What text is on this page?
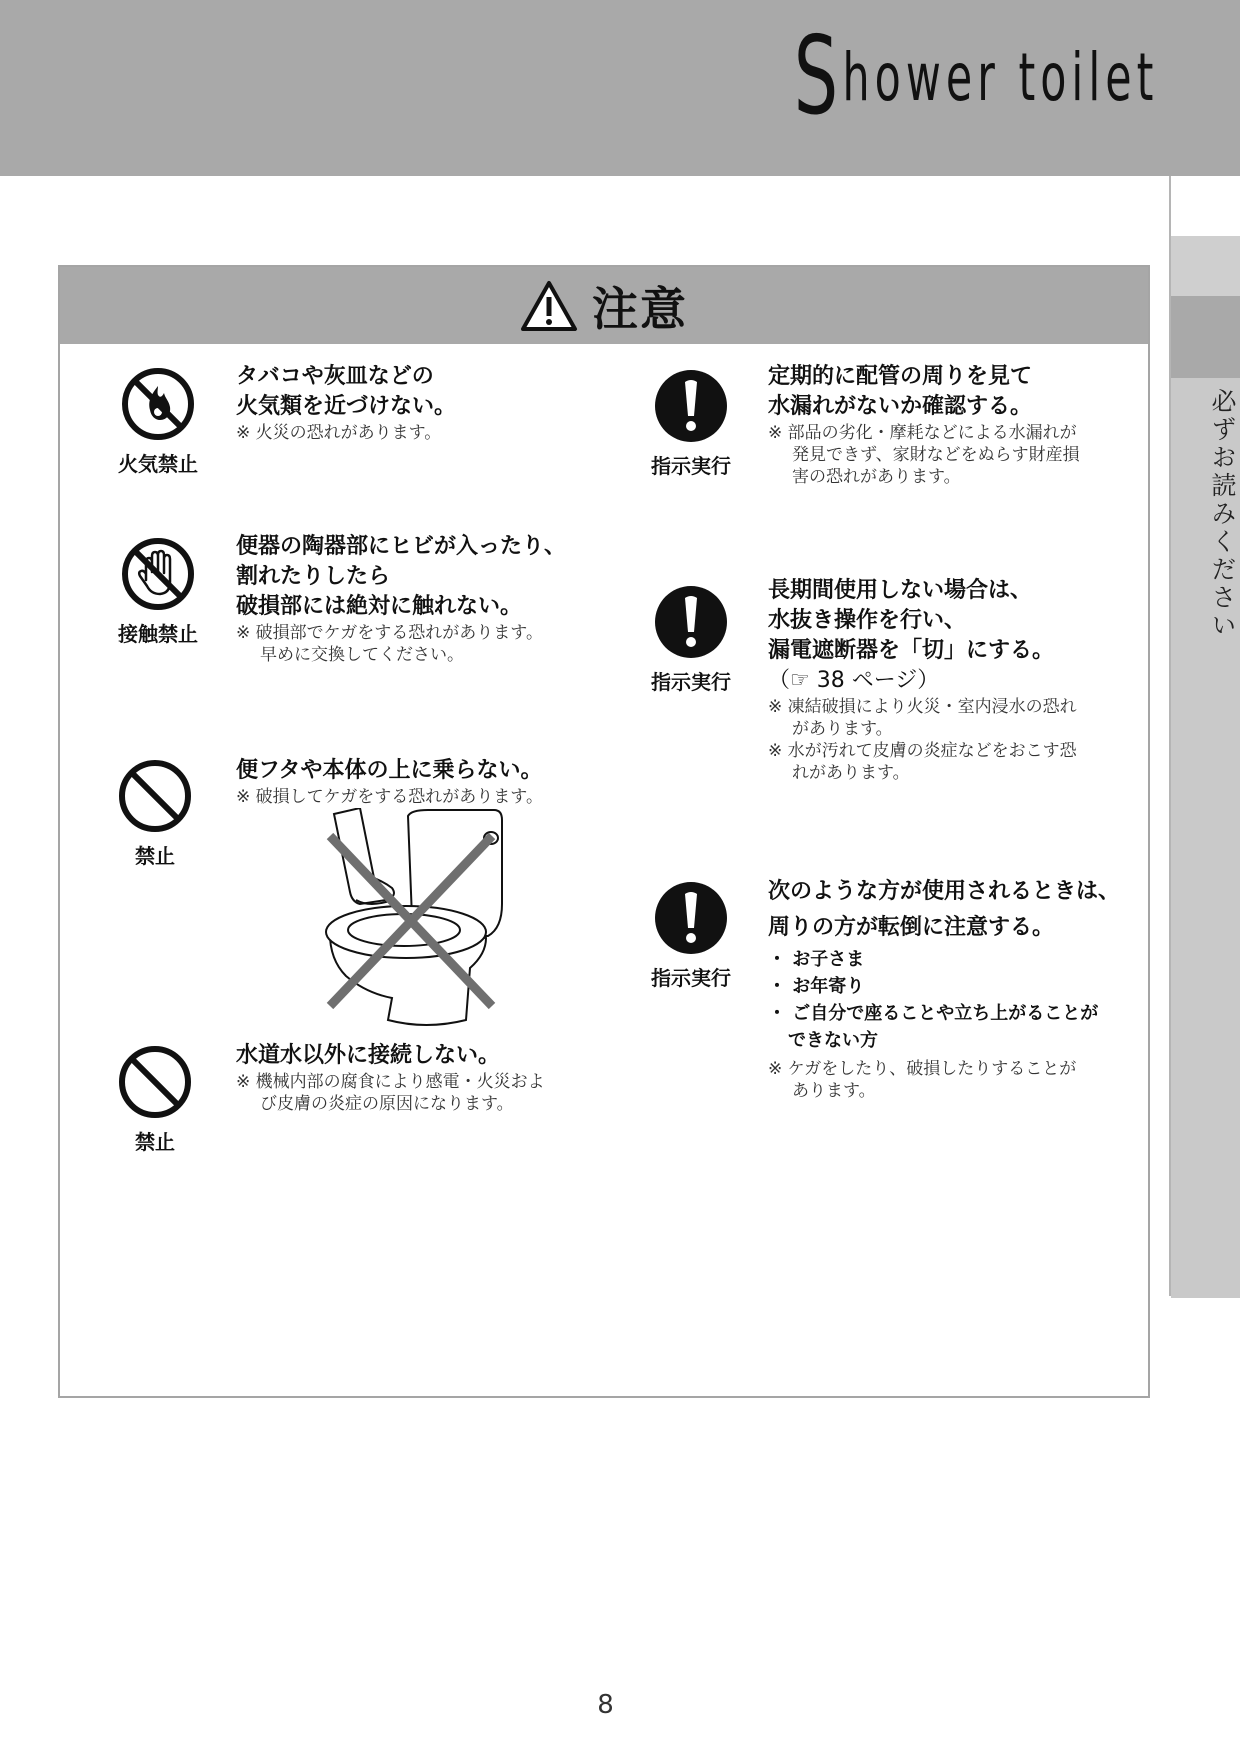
S hower toilet
必ずお読みください
注意
火気禁止
タバコや灰皿などの
火気類を近づけない。
※ 火災の恐れがあります。
接触禁止
便器の陶器部にヒビが入ったり、
割れたりしたら
破損部には絶対に触れない。
※ 破損部でケガをする恐れがあります。
早めに交換してください。
禁止
便フタや本体の上に乗らない。
※ 破損してケガをする恐れがあります。
禁止
水道水以外に接続しない。
※ 機械内部の腐食により感電・火災およ
び皮膚の炎症の原因になります。
指示実行
定期的に配管の周りを見て
水漏れがないか確認する。
※ 部品の劣化・摩耗などによる水漏れが
発見できず、家財などをぬらす財産損
害の恐れがあります。
指示実行
長期間使用しない場合は、
水抜き操作を行い、
漏電遮断器を「切」にする。
（☞ 38 ページ）
※ 凍結破損により火災・室内浸水の恐れ
があります。
※ 水が汚れて皮膚の炎症などをおこす恐
れがあります。
指示実行
次のような方が使用されるときは、
周りの方が転倒に注意する。
・ お子さま
・ お年寄り
・ ご自分で座ることや立ち上がることが
できない方
※ ケガをしたり、破損したりすることが
あります。
8
